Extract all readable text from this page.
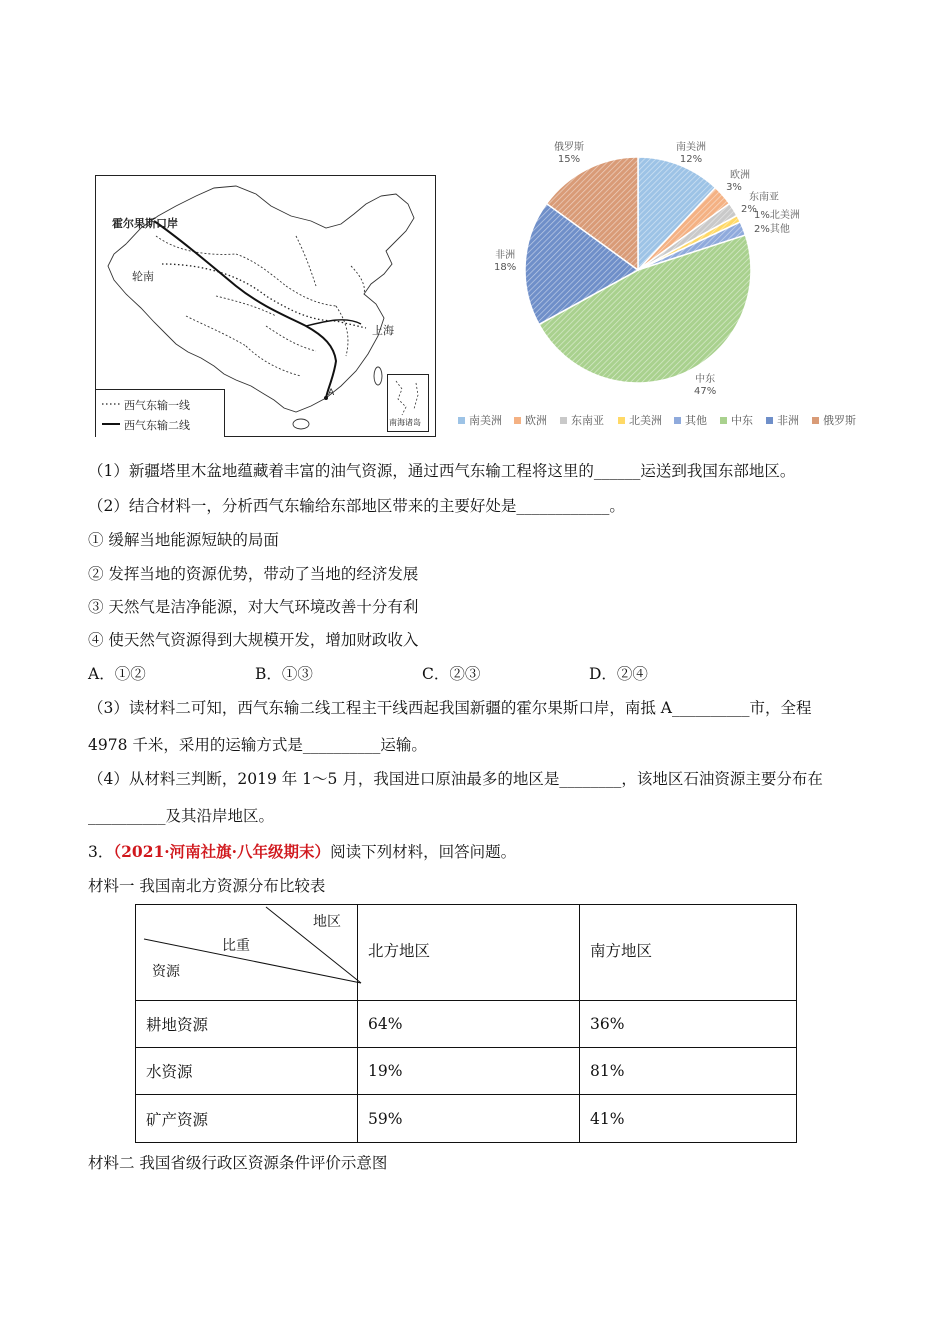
霍尔果斯口岸
轮南
上海
A
西气东输一线
西气东输二线	南海诸岛
南美洲
12%
欧洲
3%
东南亚
2%
1%北美洲
2%其他
中东
47%
非洲
18%
俄罗斯
15%
南美洲	欧洲	东南亚	北美洲	其他	中东	非洲	俄罗斯
（1）新疆塔里木盆地蕴藏着丰富的油气资源，通过西气东输工程将这里的______运送到我国东部地区。
（2）结合材料一，分析西气东输给东部地区带来的主要好处是____________。
① 缓解当地能源短缺的局面
② 发挥当地的资源优势，带动了当地的经济发展
③ 天然气是洁净能源，对大气环境改善十分有利
④ 使天然气资源得到大规模开发，增加财政收入
A．①②	B．①③	C．②③	D．②④
（3）读材料二可知，西气东输二线工程主干线西起我国新疆的霍尔果斯口岸，南抵 A__________市，全程
4978 千米，采用的运输方式是__________运输。
（4）从材料三判断，2019 年 1～5 月，我国进口原油最多的地区是________，该地区石油资源主要分布在
__________及其沿岸地区。
3．（2021·河南社旗·八年级期末）阅读下列材料，回答问题。
材料一 我国南北方资源分布比较表
地区
比重
资源	北方地区	南方地区
耕地资源	64%	36%
水资源	19%	81%
矿产资源	59%	41%
材料二 我国省级行政区资源条件评价示意图
